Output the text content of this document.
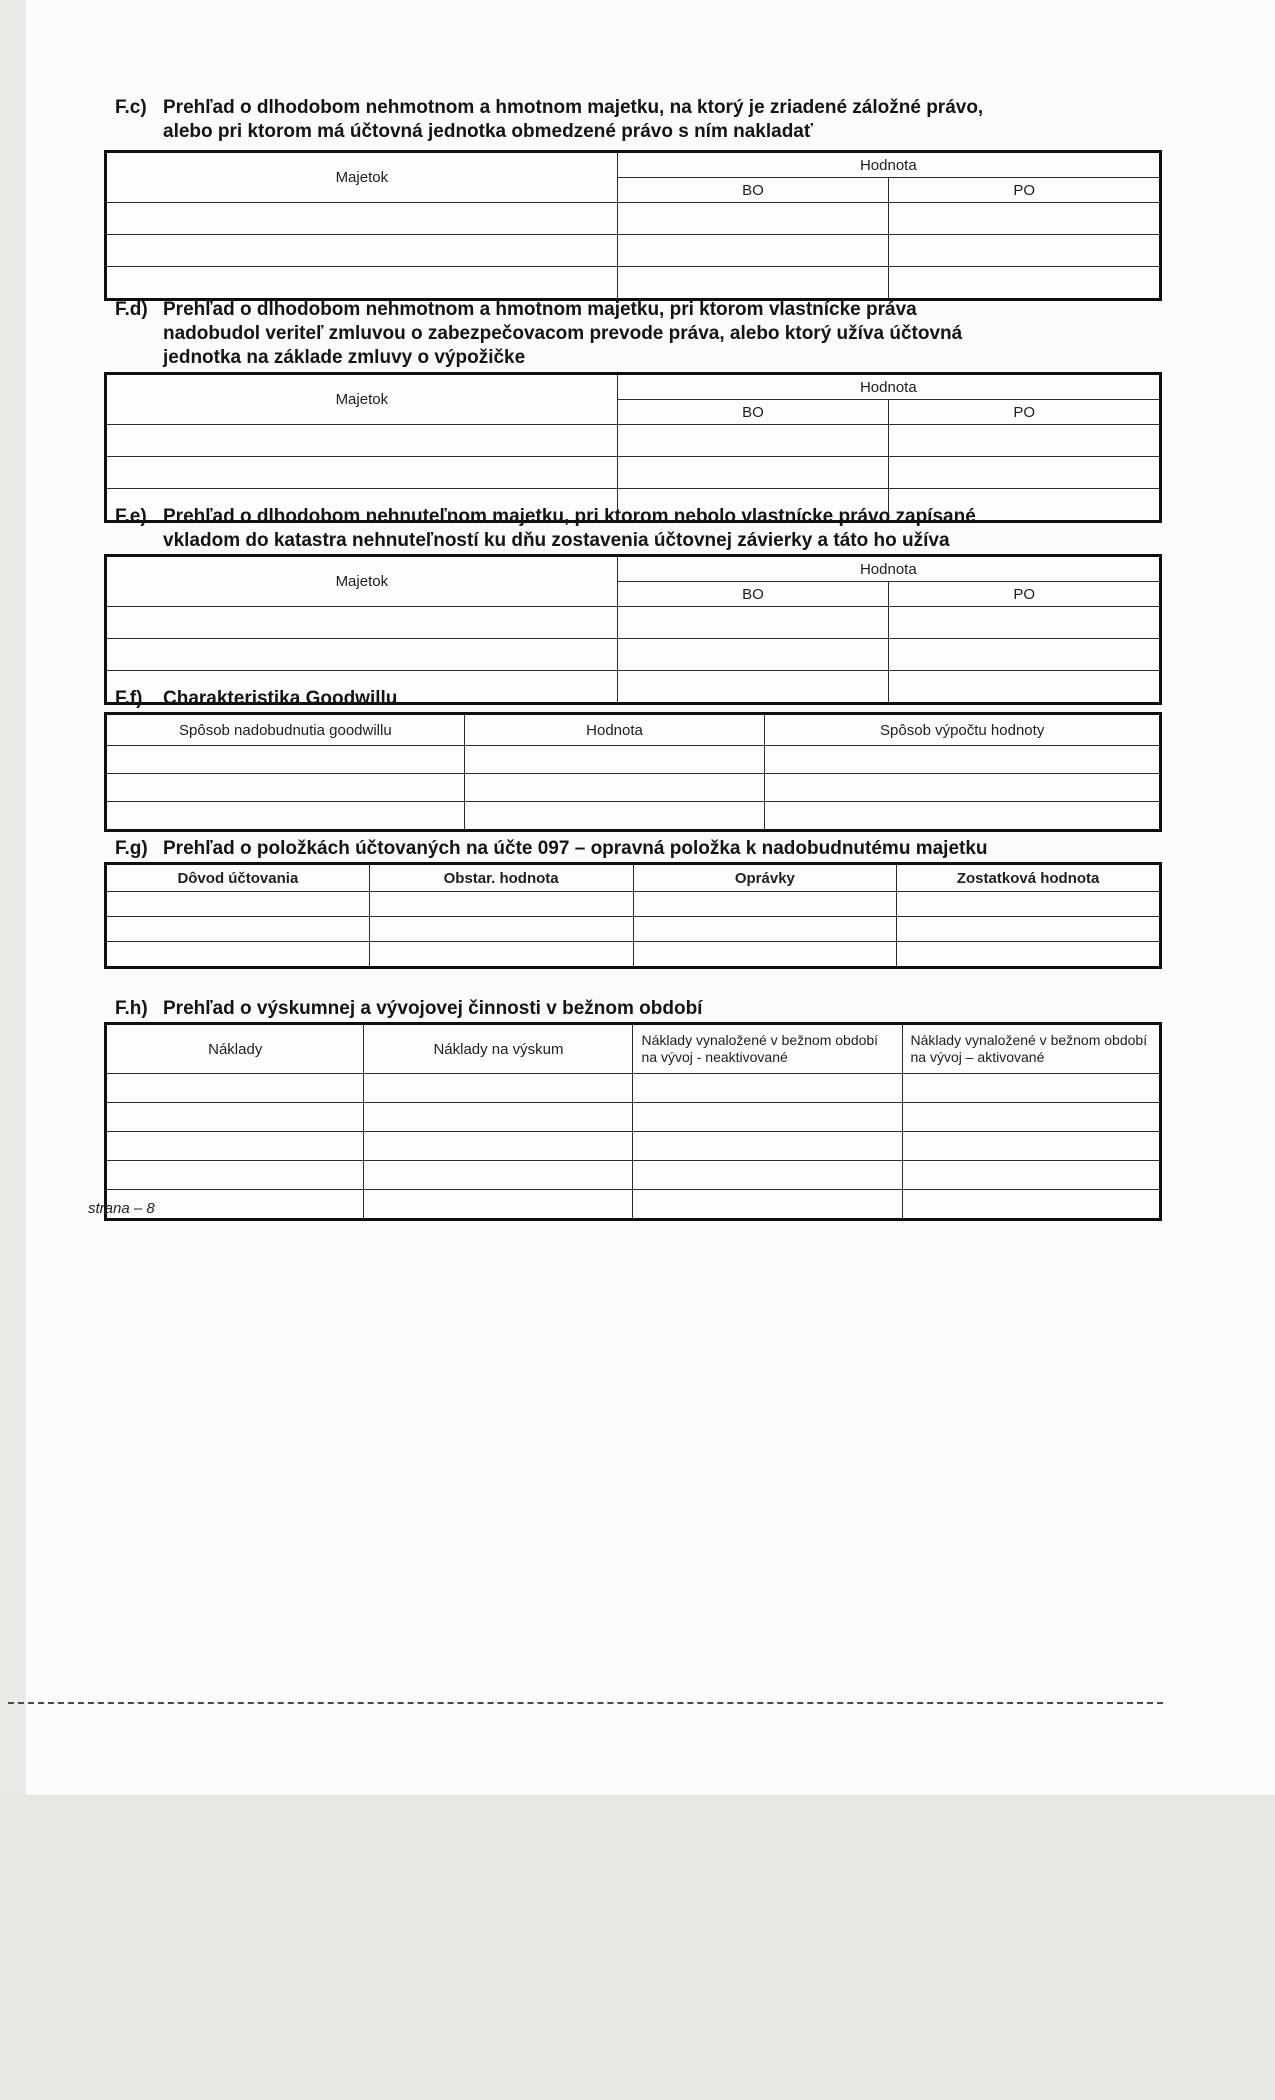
F.c) Prehľad o dlhodobom nehmotnom a hmotnom majetku, na ktorý je zriadené záložné právo,
alebo pri ktorom má účtovná jednotka obmedzené právo s ním nakladať
Majetok	Hodnota	
	BO	PO

F.d) Prehľad o dlhodobom nehmotnom a hmotnom majetku, pri ktorom vlastnícke práva
nadobudol veriteľ zmluvou o zabezpečovacom prevode práva, alebo ktorý užíva účtovná
jednotka na základe zmluvy o výpožičke
Majetok	Hodnota	
	BO	PO

F.e) Prehľad o dlhodobom nehnuteľnom majetku, pri ktorom nebolo vlastnícke právo zapísané
vkladom do katastra nehnuteľností ku dňu zostavenia účtovnej závierky a táto ho užíva
Majetok	Hodnota	
	BO	PO

F.f)	Charakteristika Goodwillu
Spôsob nadobudnutia goodwillu	Hodnota	Spôsob výpočtu hodnoty

F.g) Prehľad o položkách účtovaných na účte 097 – opravná položka k nadobudnutému majetku
Dôvod účtovania	Obstar. hodnota	Oprávky	Zostatková hodnota

F.h) Prehľad o výskumnej a vývojovej činnosti v bežnom období
Náklady	Náklady na výskum	Náklady vynaložené v bežnom období na vývoj - neaktivované	Náklady vynaložené v bežnom období na vývoj – aktivované

strana – 8
